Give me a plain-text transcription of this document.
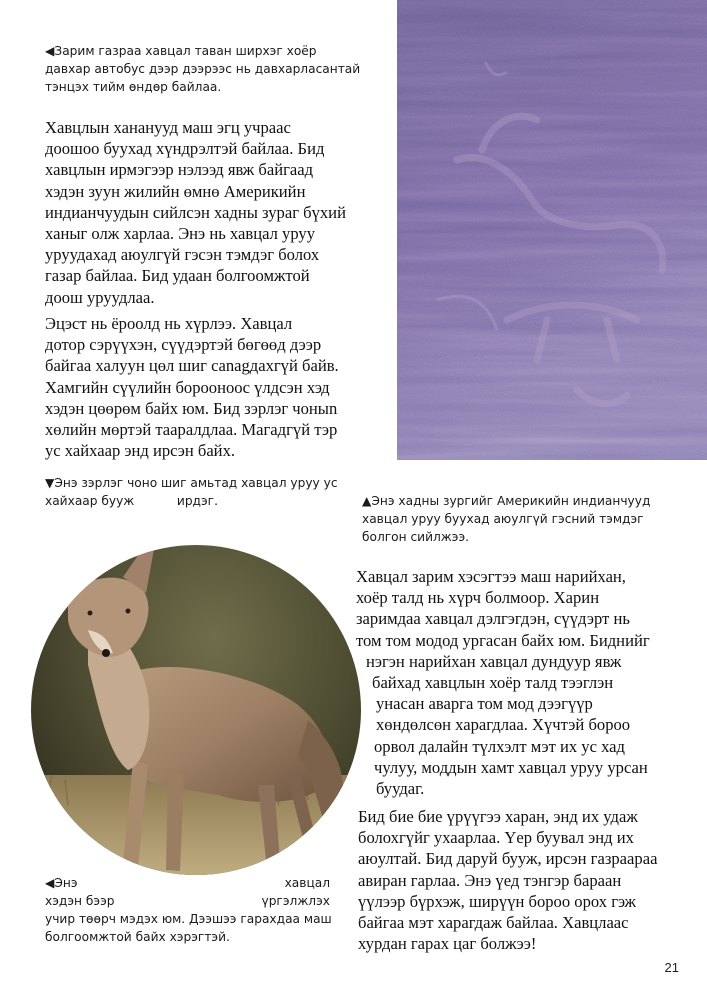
◀Зарим газраа хавцал таван ширхэг хоёр

давхар автобус дээр дээрээс нь давхарласантай

тэнцэх тийм өндөр байлаа.

Хавцлын хананууд маш эгц учраас

доошоо буухад хүндрэлтэй байлаа. Бид

хавцлын ирмэгээр нэлээд явж байгаад

хэдэн зуун жилийн өмнө Америкийн

индианчуудын сийлсэн хадны зураг бүхий

ханыг олж харлаа. Энэ нь хавцал уруу

уруудахад аюулгүй гэсэн тэмдэг болох

газар байлаа. Бид удаан болгоомжтой

доош уруудлаа.

Эцэст нь ёроолд нь хүрлээ. Хавцал

дотор сэрүүхэн, сүүдэртэй бөгөөд дээр

байгаа халуун цөл шиг сanagдахгүй байв.

Хамгийн сүүлийн бороонооc үлдсэн хэд

хэдэн цөөрөм байх юм. Бид зэрлэг чоныn

хөлийн мөртэй тааралдлаа. Магадгүй тэр

ус хайхаар энд ирсэн байх.

▼Энэ зэрлэг чоно шиг амьтад хавцал уруу ус

хайхаар бууж           ирдэг.	▲Энэ хадны зургийг Америкийн индианчууд

хавцал уруу буухад аюулгүй гэсний тэмдэг

болгон сийлжээ.

◀Энэ	хавцал

хэдэн бээр	үргэлжлэх

учир төөрч мэдэх юм. Дээшээ гарахдаа маш

болгоомжтой байх хэрэгтэй.

Хавцал зарим хэсэгтээ маш нарийхан,

хоёр талд нь хүрч болмоор. Харин

заримдаа хавцал дэлгэгдэн, сүүдэрт нь

том том модод ургасан байх юм. Биднийг

нэгэн нарийхан хавцал дундуур явж

байхад хавцлын хоёр талд тээглэн

унасан аварга том мод дээгүүр

хөндөлсөн харагдлаа. Хүчтэй бороо

орвол далайн түлхэлт мэт их ус хад

чулуу, моддын хамт хавцал уруу урсан

буудаг.

Бид бие бие үрүүгээ харан, энд их удаж

болохгүйг ухаарлаа. Үер буувал энд их

аюултай. Бид даруй бууж, ирсэн газраараа

авиран гарлаа. Энэ үед тэнгэр бараан

үүлээр бүрхэж, ширүүн бороо орох гэж

байгаа мэт харагдаж байлаа. Хавцлаас

хурдан гарах цаг болжээ!

21
